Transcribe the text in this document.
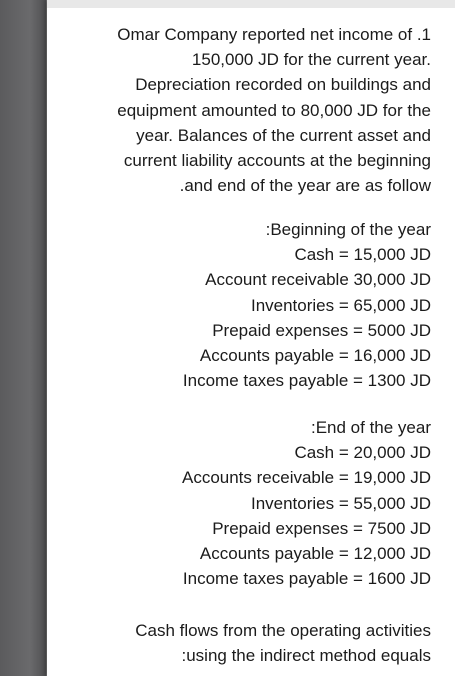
Omar Company reported net income of .1
150,000 JD for the current year.
Depreciation recorded on buildings and
equipment amounted to 80,000 JD for the
year. Balances of the current asset and
current liability accounts at the beginning
.and end of the year are as follow
:Beginning of the year
Cash = 15,000 JD
Account receivable 30,000 JD
Inventories = 65,000 JD
Prepaid expenses = 5000 JD
Accounts payable = 16,000 JD
Income taxes payable = 1300 JD
:End of the year
Cash = 20,000 JD
Accounts receivable = 19,000 JD
Inventories = 55,000 JD
Prepaid expenses = 7500 JD
Accounts payable = 12,000 JD
Income taxes payable = 1600 JD
Cash flows from the operating activities
:using the indirect method equals
